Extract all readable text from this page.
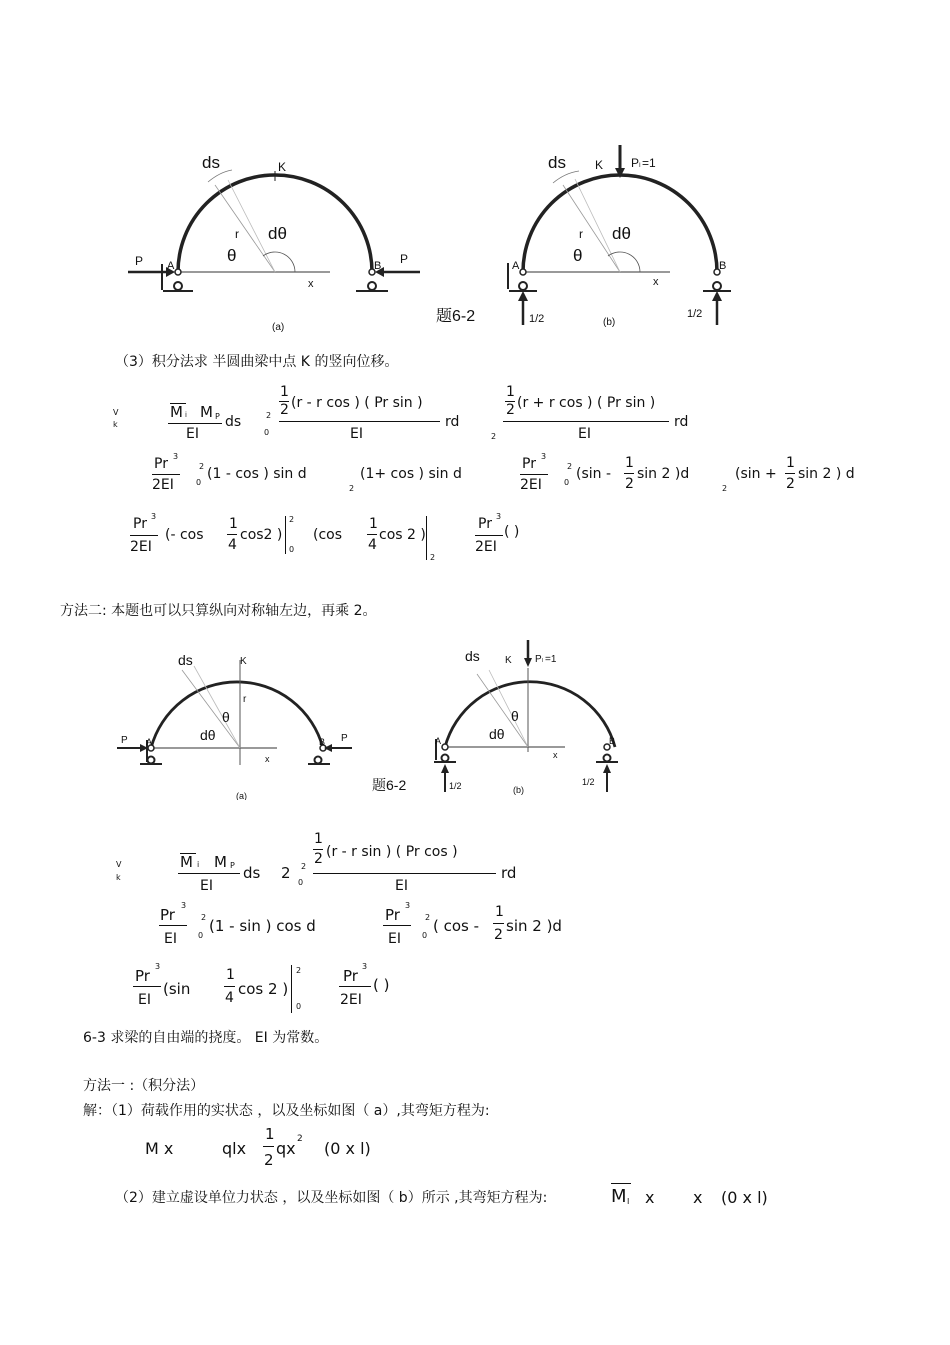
ds	K
r dθ
θ
P A	B P
x
(a)
题6-2
ds K P I =1
r dθ
θ
A	B
x
1/2	(b)
1/2
（3）积分法求 半圆曲梁中点 K 的竖向位移。
V
k
M i M P
EI
ds	2
0
1
2 (r - r cos ) ( Pr sin )
EI
rd
2
1
2 (r + r cos ) ( Pr sin )
EI
rd
Pr 3
2EI
2
0
(1 - cos ) sin d
2
(1+ cos ) sin d
Pr 3
2EI
2
0
(sin -
1
2
sin 2 )d
2
(sin +
1
2
sin 2 ) d
Pr 3
2EI
(- cos
1
4
cos2 )
2
0
(cos
1
4
cos 2 )
2
Pr 3
2EI
( )
方法二: 本题也可以只算纵向对称轴左边，再乘 2。
ds	K
r
θ
dθ
P A	B P
x
(a)
题6-2
ds	K P I =1
θ
dθ
A	B
x
1/2	(b)
1/2
V
k
M i M P
EI
ds 2 2
0
1
2 (r - r sin ) ( Pr cos )
EI
rd
Pr
3
EI
2
0
(1 - sin ) cos d
Pr
3
EI
2
0
( cos -
1
2 sin 2 )d
Pr
3
EI
(sin
1
4 cos 2 )
2
0
Pr
3
2EI
( )
6-3 求梁的自由端的挠度。 EI 为常数。
方法一 :（积分法）
解：（1）荷载作用的实状态 ，以及坐标如图（ a）,其弯矩方程为:
M x	qlx
1
2
qx 2 (0 x l)
（2）建立虚设单位力状态 ，以及坐标如图（ b）所示 ,其弯矩方程为:	M I x x (0 x l)
